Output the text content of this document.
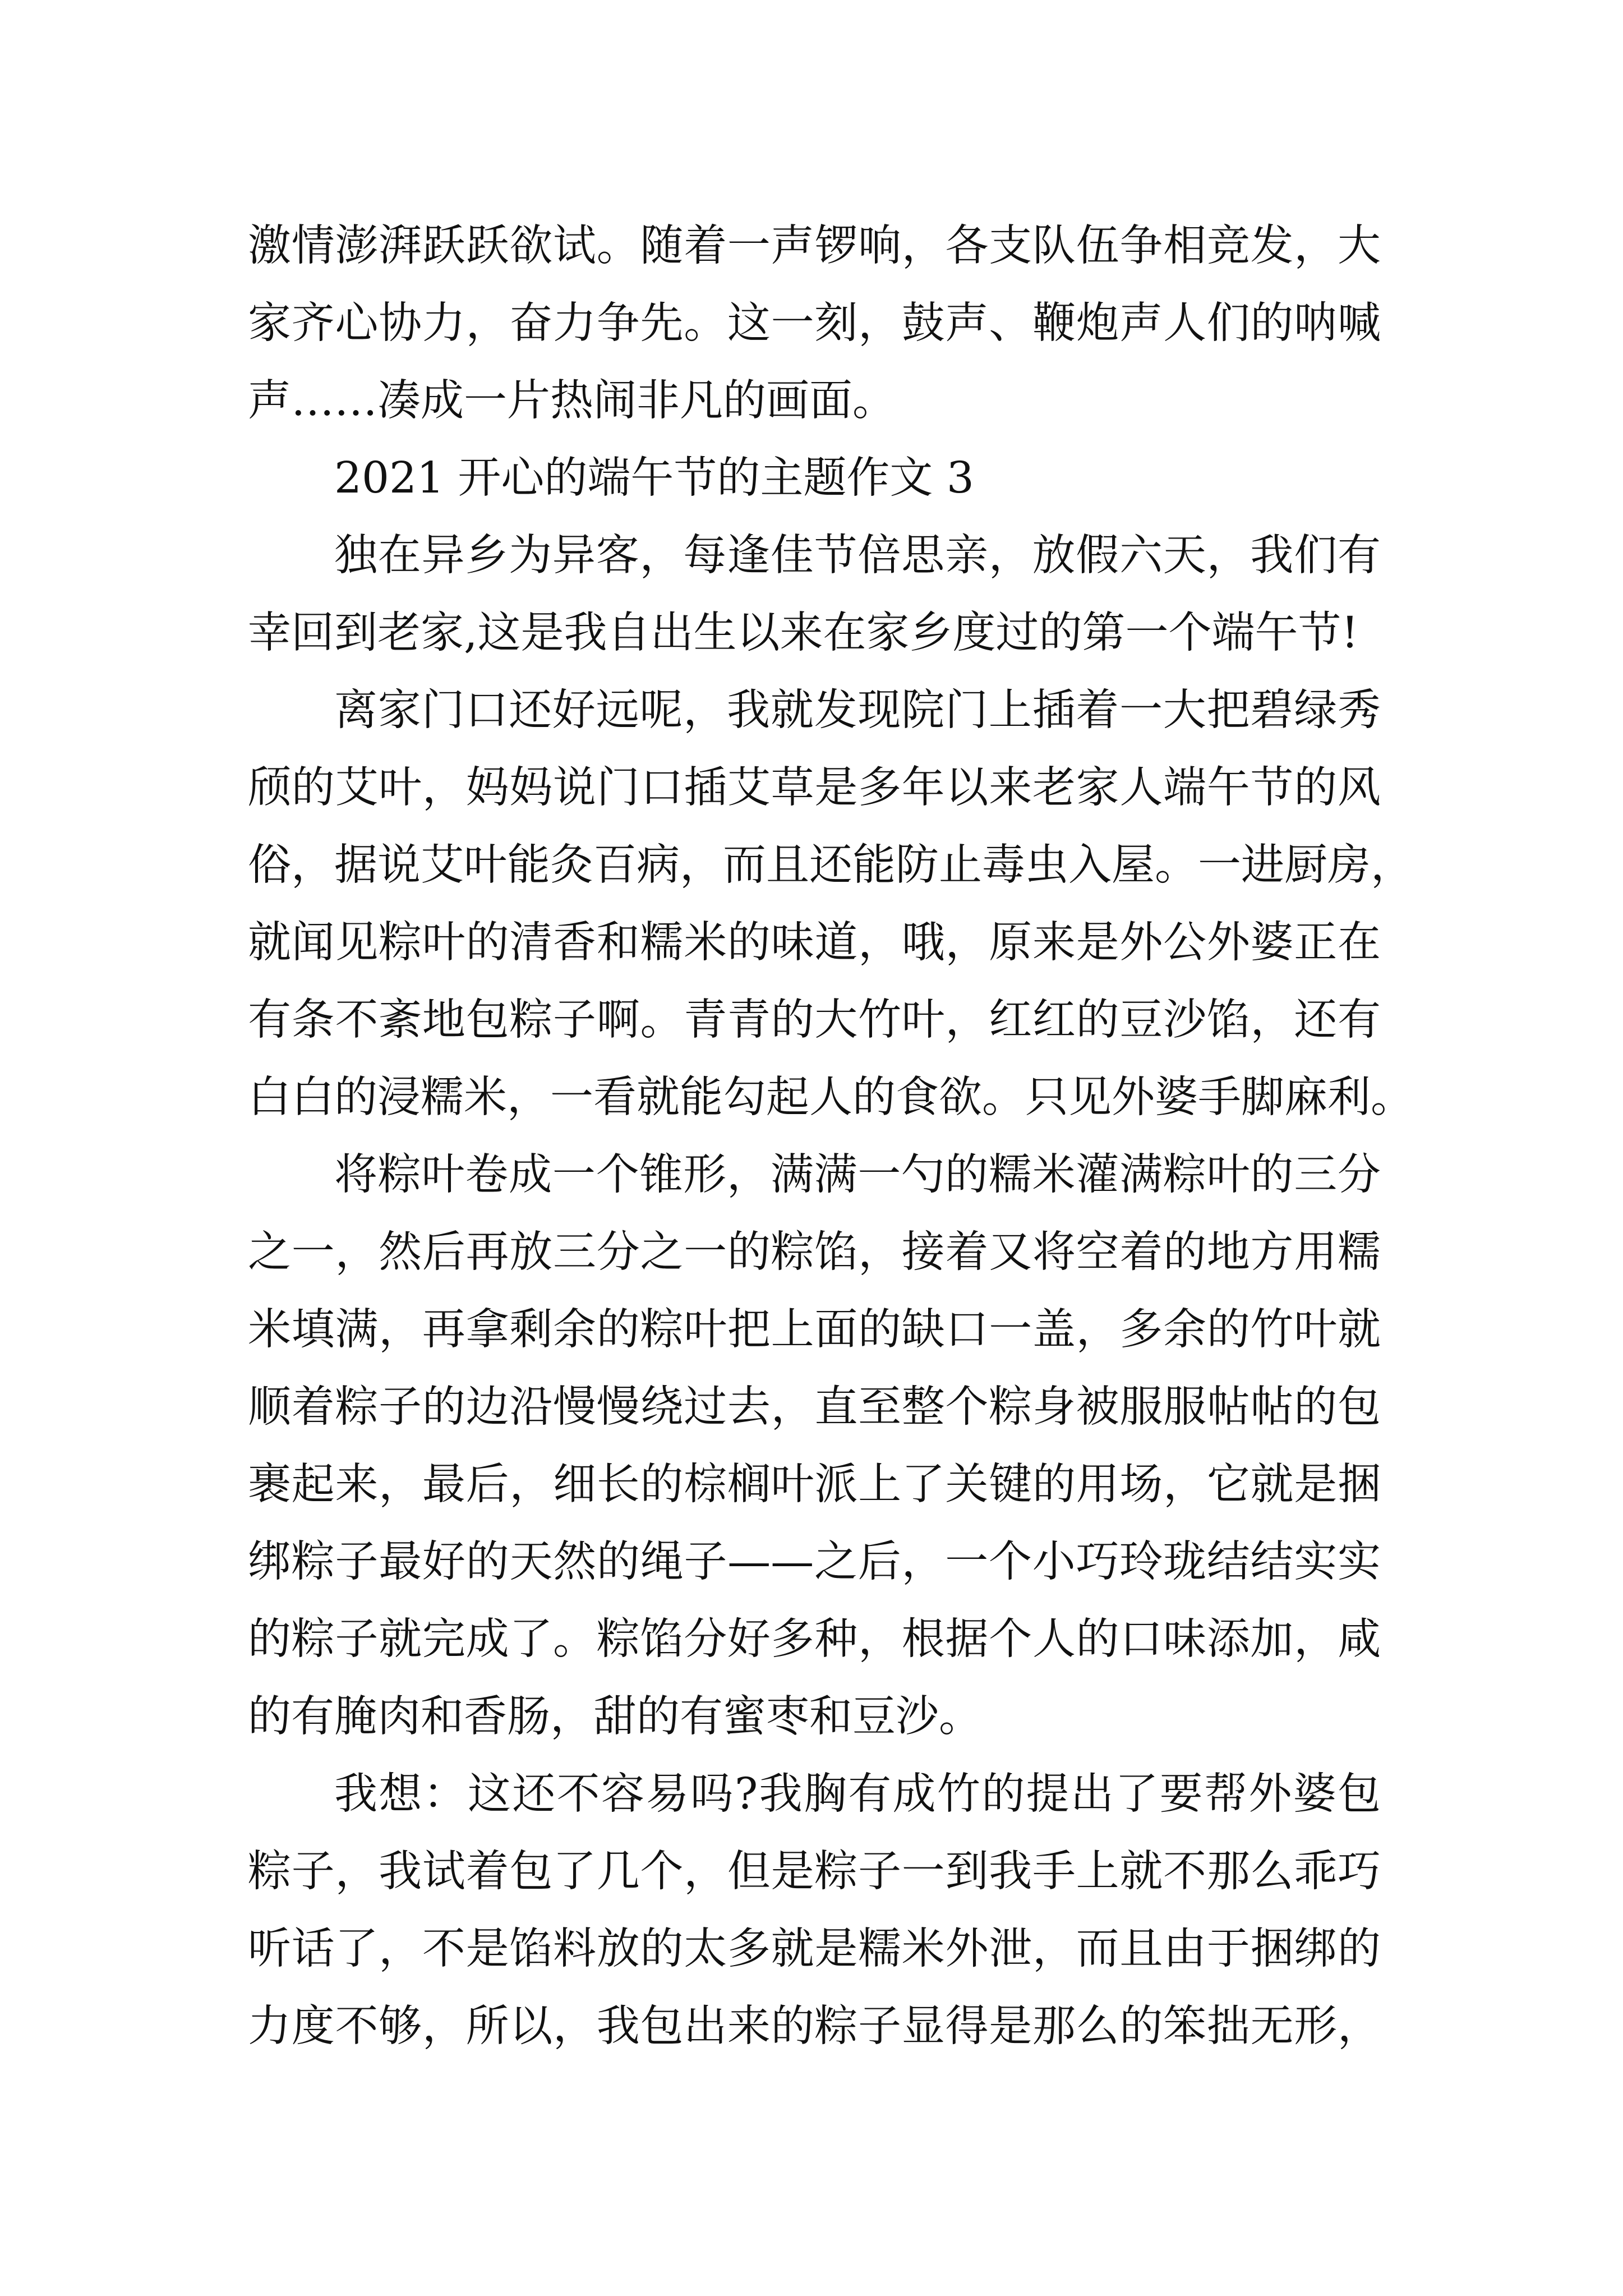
激情澎湃跃跃欲试。随着一声锣响，各支队伍争相竞发，大
家齐心协力，奋力争先。这一刻，鼓声、鞭炮声人们的呐喊
声……凑成一片热闹非凡的画面。

2021 开心的端午节的主题作文 3

独在异乡为异客，每逢佳节倍思亲，放假六天，我们有
幸回到老家,这是我自出生以来在家乡度过的第一个端午节!

离家门口还好远呢，我就发现院门上插着一大把碧绿秀
颀的艾叶，妈妈说门口插艾草是多年以来老家人端午节的风
俗，据说艾叶能灸百病，而且还能防止毒虫入屋。一进厨房，
就闻见粽叶的清香和糯米的味道，哦，原来是外公外婆正在
有条不紊地包粽子啊。青青的大竹叶，红红的豆沙馅，还有
白白的浸糯米，一看就能勾起人的食欲。只见外婆手脚麻利。

将粽叶卷成一个锥形，满满一勺的糯米灌满粽叶的三分
之一，然后再放三分之一的粽馅，接着又将空着的地方用糯
米填满，再拿剩余的粽叶把上面的缺口一盖，多余的竹叶就
顺着粽子的边沿慢慢绕过去，直至整个粽身被服服帖帖的包
裹起来，最后，细长的棕榈叶派上了关键的用场，它就是捆
绑粽子最好的天然的绳子——之后，一个小巧玲珑结结实实
的粽子就完成了。粽馅分好多种，根据个人的口味添加，咸
的有腌肉和香肠，甜的有蜜枣和豆沙。

我想：这还不容易吗?我胸有成竹的提出了要帮外婆包
粽子，我试着包了几个，但是粽子一到我手上就不那么乖巧
听话了，不是馅料放的太多就是糯米外泄，而且由于捆绑的
力度不够，所以，我包出来的粽子显得是那么的笨拙无形，
